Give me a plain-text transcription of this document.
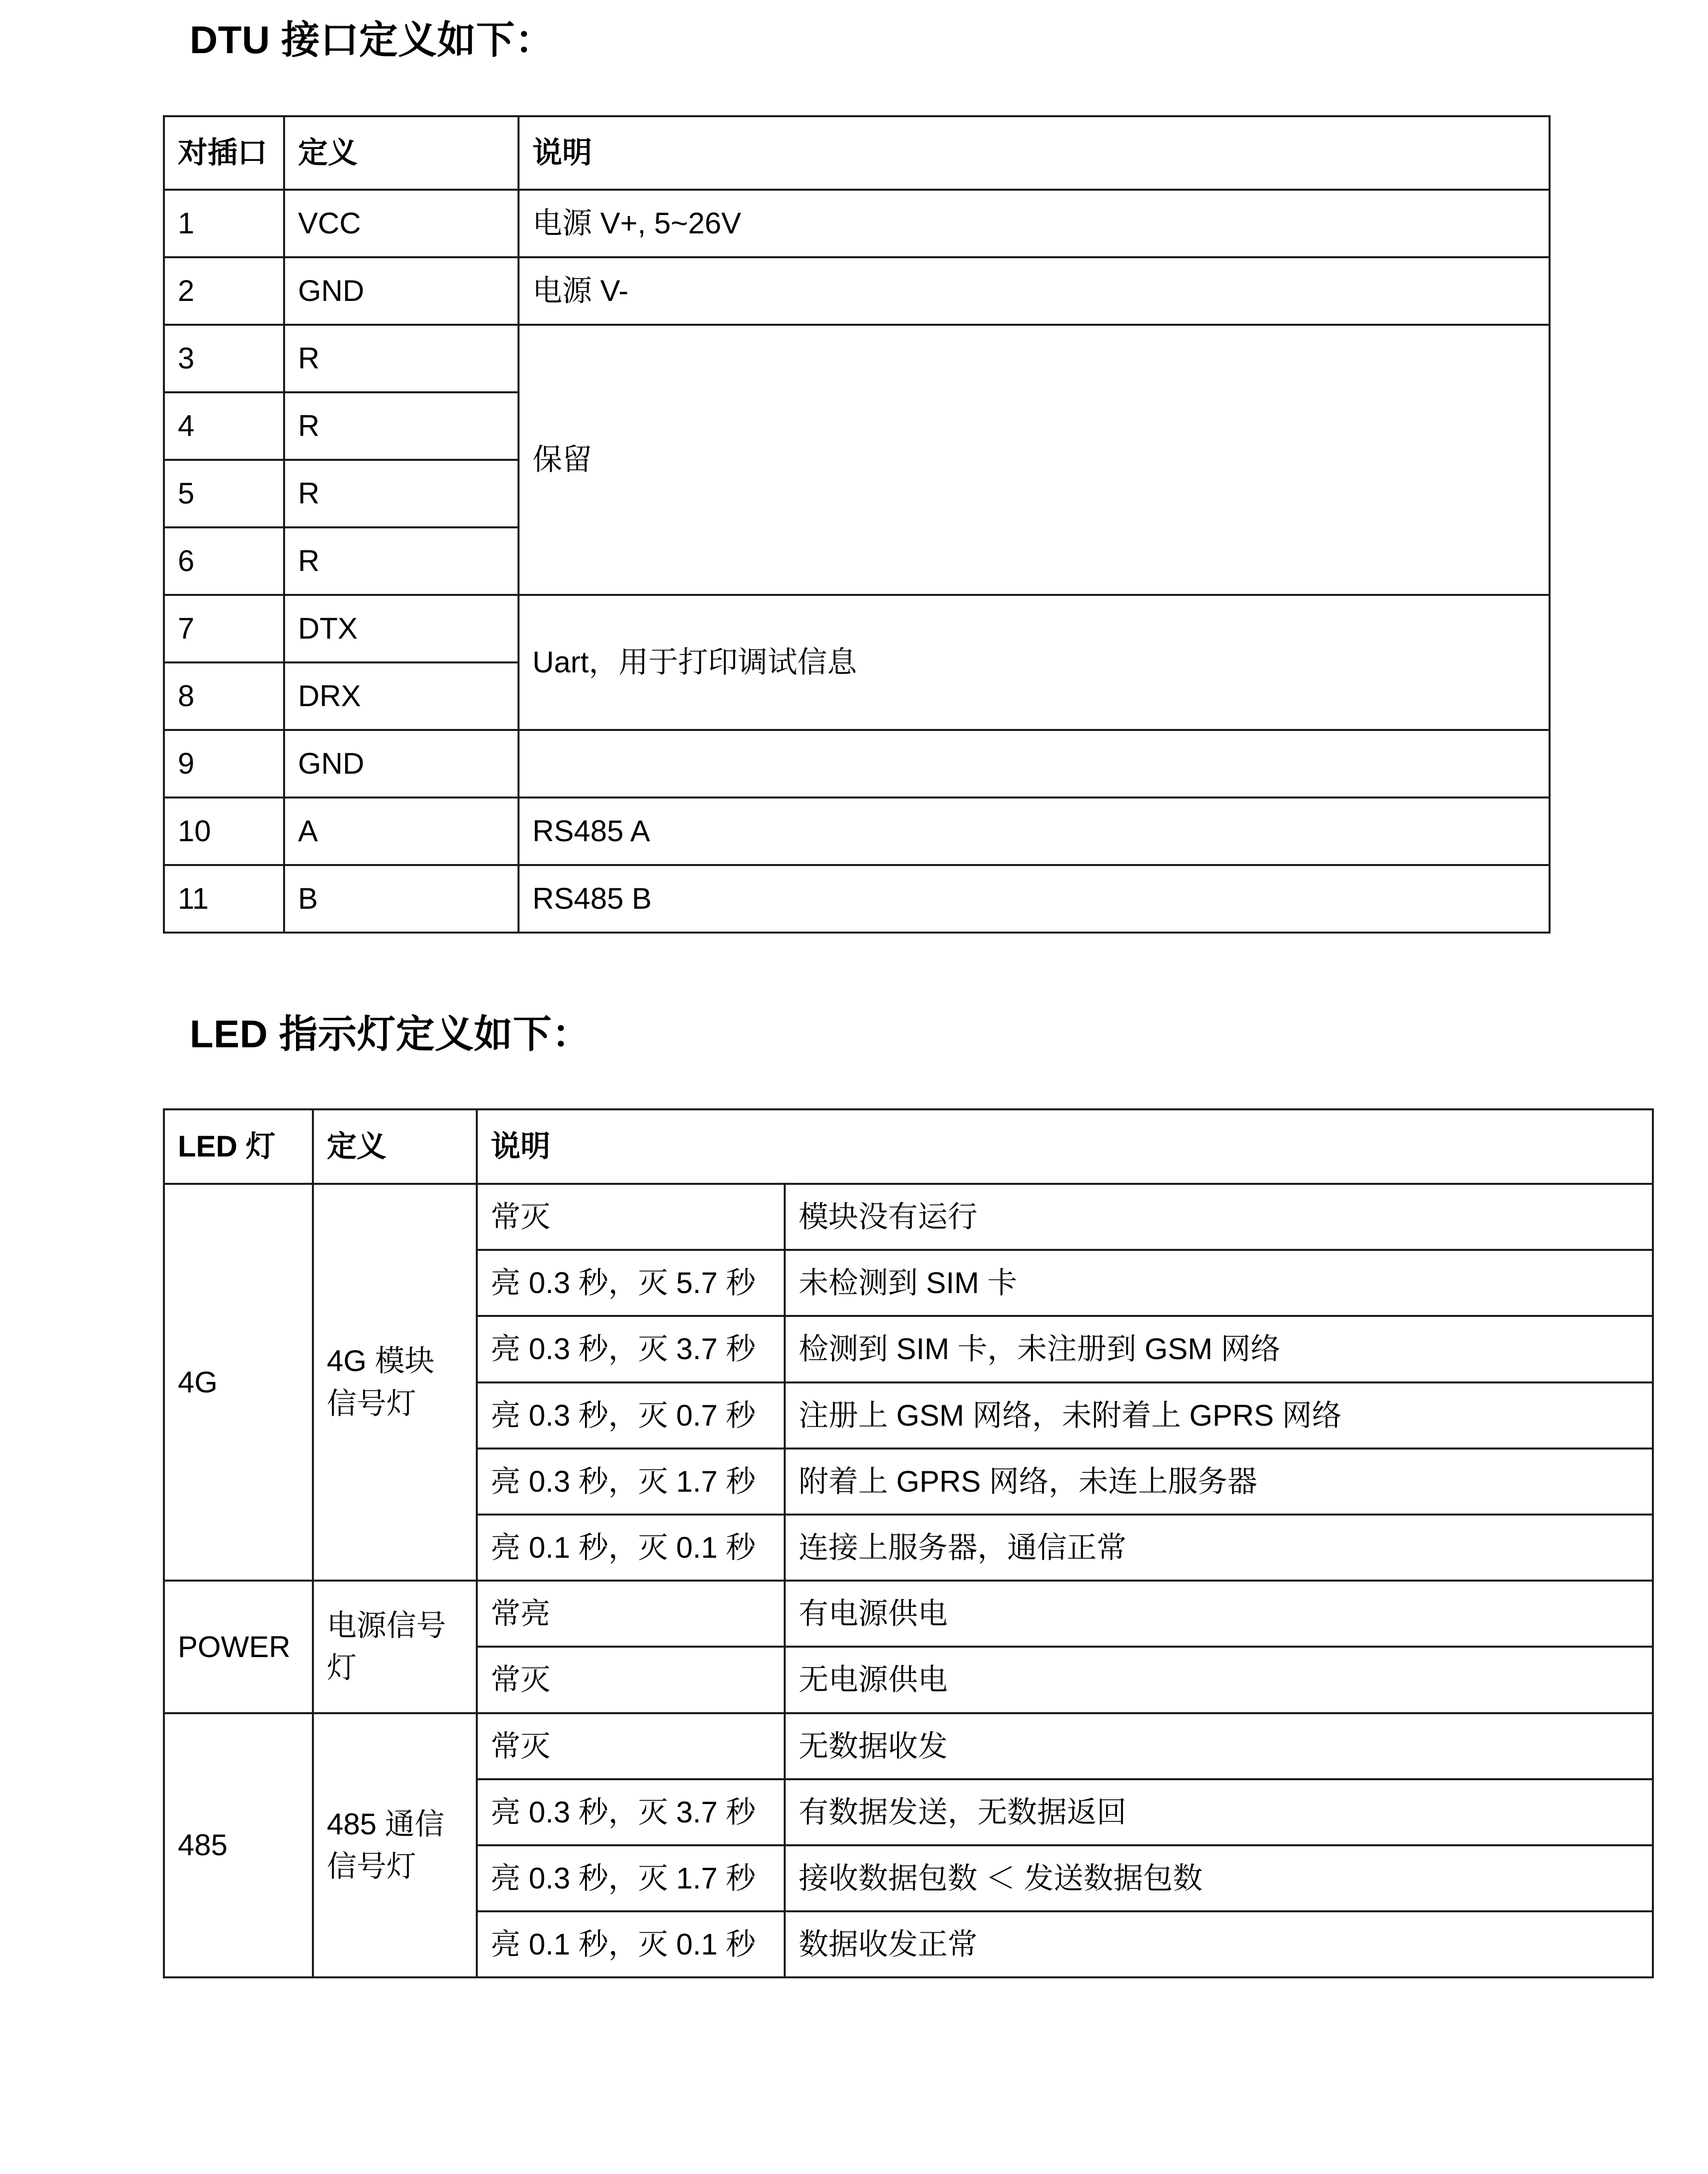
DTU 接口定义如下：
对插口	定义	说明
1	VCC	电源 V+, 5~26V
2	GND	电源 V-
3	R	保留
4	R	
5	R	
6	R	
7	DTX	Uart，用于打印调试信息
8	DRX	
9	GND	
10	A	RS485 A
11	B	RS485 B
LED 指示灯定义如下：
LED 灯	定义	说明	
4G	4G 模块信号灯	常灭	模块没有运行
		亮 0.3 秒，灭 5.7 秒	未检测到 SIM 卡
		亮 0.3 秒，灭 3.7 秒	检测到 SIM 卡，未注册到 GSM 网络
		亮 0.3 秒，灭 0.7 秒	注册上 GSM 网络，未附着上 GPRS 网络
		亮 0.3 秒，灭 1.7 秒	附着上 GPRS 网络，未连上服务器
		亮 0.1 秒，灭 0.1 秒	连接上服务器，通信正常
POWER	电源信号灯	常亮	有电源供电
		常灭	无电源供电
485	485 通信信号灯	常灭	无数据收发
		亮 0.3 秒，灭 3.7 秒	有数据发送，无数据返回
		亮 0.3 秒，灭 1.7 秒	接收数据包数 ＜ 发送数据包数
		亮 0.1 秒，灭 0.1 秒	数据收发正常
